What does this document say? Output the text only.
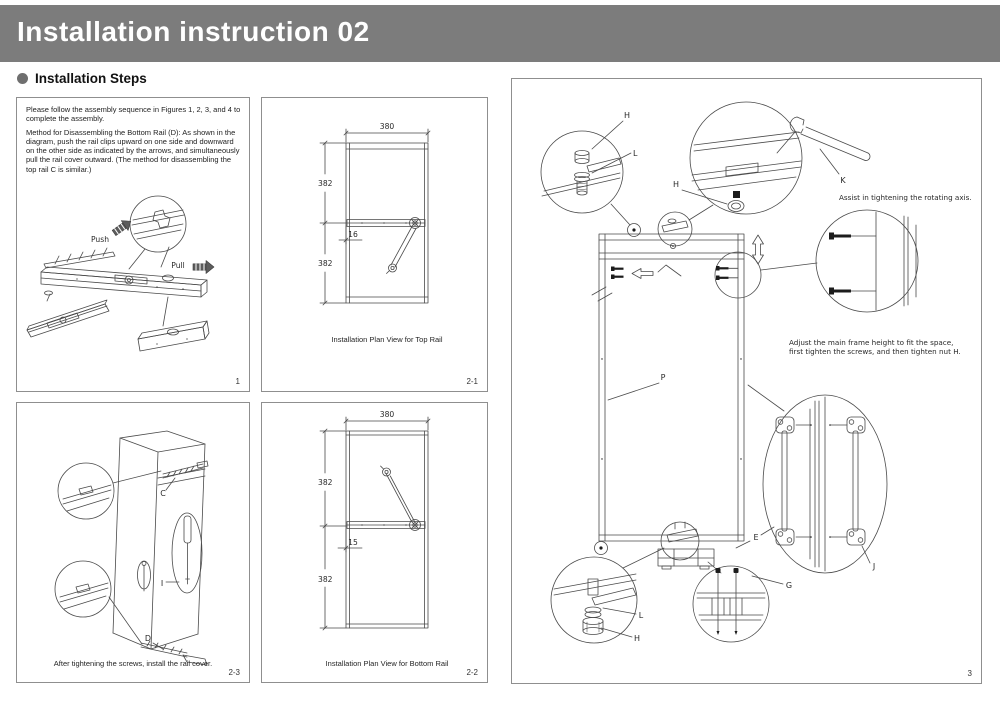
Installation instruction 02
Installation Steps

Please follow the assembly sequence in Figures 1, 2, 3, and 4 to complete the assembly.

Method for Disassembling the Bottom Rail (D): As shown in the diagram, push the rail clips upward on one side and downward on the other side as indicated by the arrows, and simultaneously pull the rail cover outward. (The method for disassembling the top rail C is similar.)

Push
Pull
1
380
382
382
16
Installation Plan View for Top Rail
2-1
C
I
D
After tightening the screws, install the rail cover.
2-3
380
382
382
15
Installation Plan View for Bottom Rail
2-2
H
L
H	K
Assist in tightening the rotating axis.
Adjust the main frame height to fit the space,
first tighten the screws, and then tighten nut H.
P
E
J
L
H
G
3
